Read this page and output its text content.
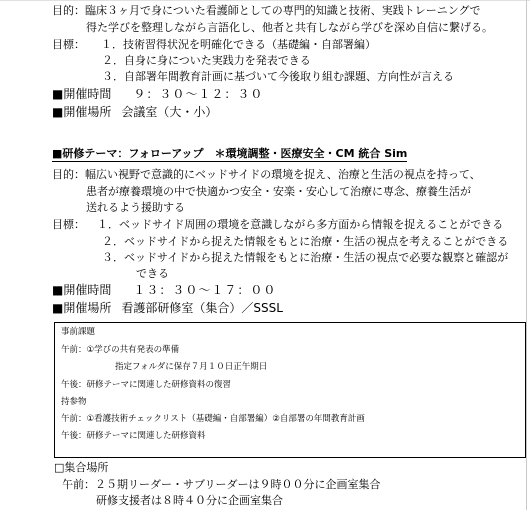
目的：臨床３ヶ月で身についた看護師としての専門的知識と技術、実践トレーニングで
得た学びを整理しながら言語化し、他者と共有しながら学びを深め自信に繋げる。
目標： １．技術習得状況を明確化できる（基礎編・自部署編）
２．自身に身についた実践力を発表できる
３．自部署年間教育計画に基づいて今後取り組む課題、方向性が言える
■開催時間 ９：３０～１２：３０
■開催場所 会議室（大・小）
■研修テーマ：フォローアップ　＊環境調整・医療安全・CM 統合 Sim
目的：幅広い視野で意識的にベッドサイドの環境を捉え、治療と生活の視点を持って、
患者が療養環境の中で快適かつ安全・安楽・安心して治療に専念、療養生活が
送れるよう援助する
目標： １．ベッドサイド周囲の環境を意識しながら多方面から情報を捉えることができる
２．ベッドサイドから捉えた情報をもとに治療・生活の視点を考えることができる
３．ベッドサイドから捉えた情報をもとに治療・生活の視点で必要な観察と確認が
できる
■開催時間 １３：３０～１７：００
■開催場所 看護部研修室（集合）／SSSL
事前課題
午前：①学びの共有発表の準備
指定フォルダに保存７月１０日正午期日
午後：研修テーマに関連した研修資料の復習
持参物
午前：①看護技術チェックリスト（基礎編・自部署編）②自部署の年間教育計画
午後：研修テーマに関連した研修資料
□集合場所
午前：２５期リーダー・サブリーダーは９時００分に企画室集合
研修支援者は８時４０分に企画室集合
